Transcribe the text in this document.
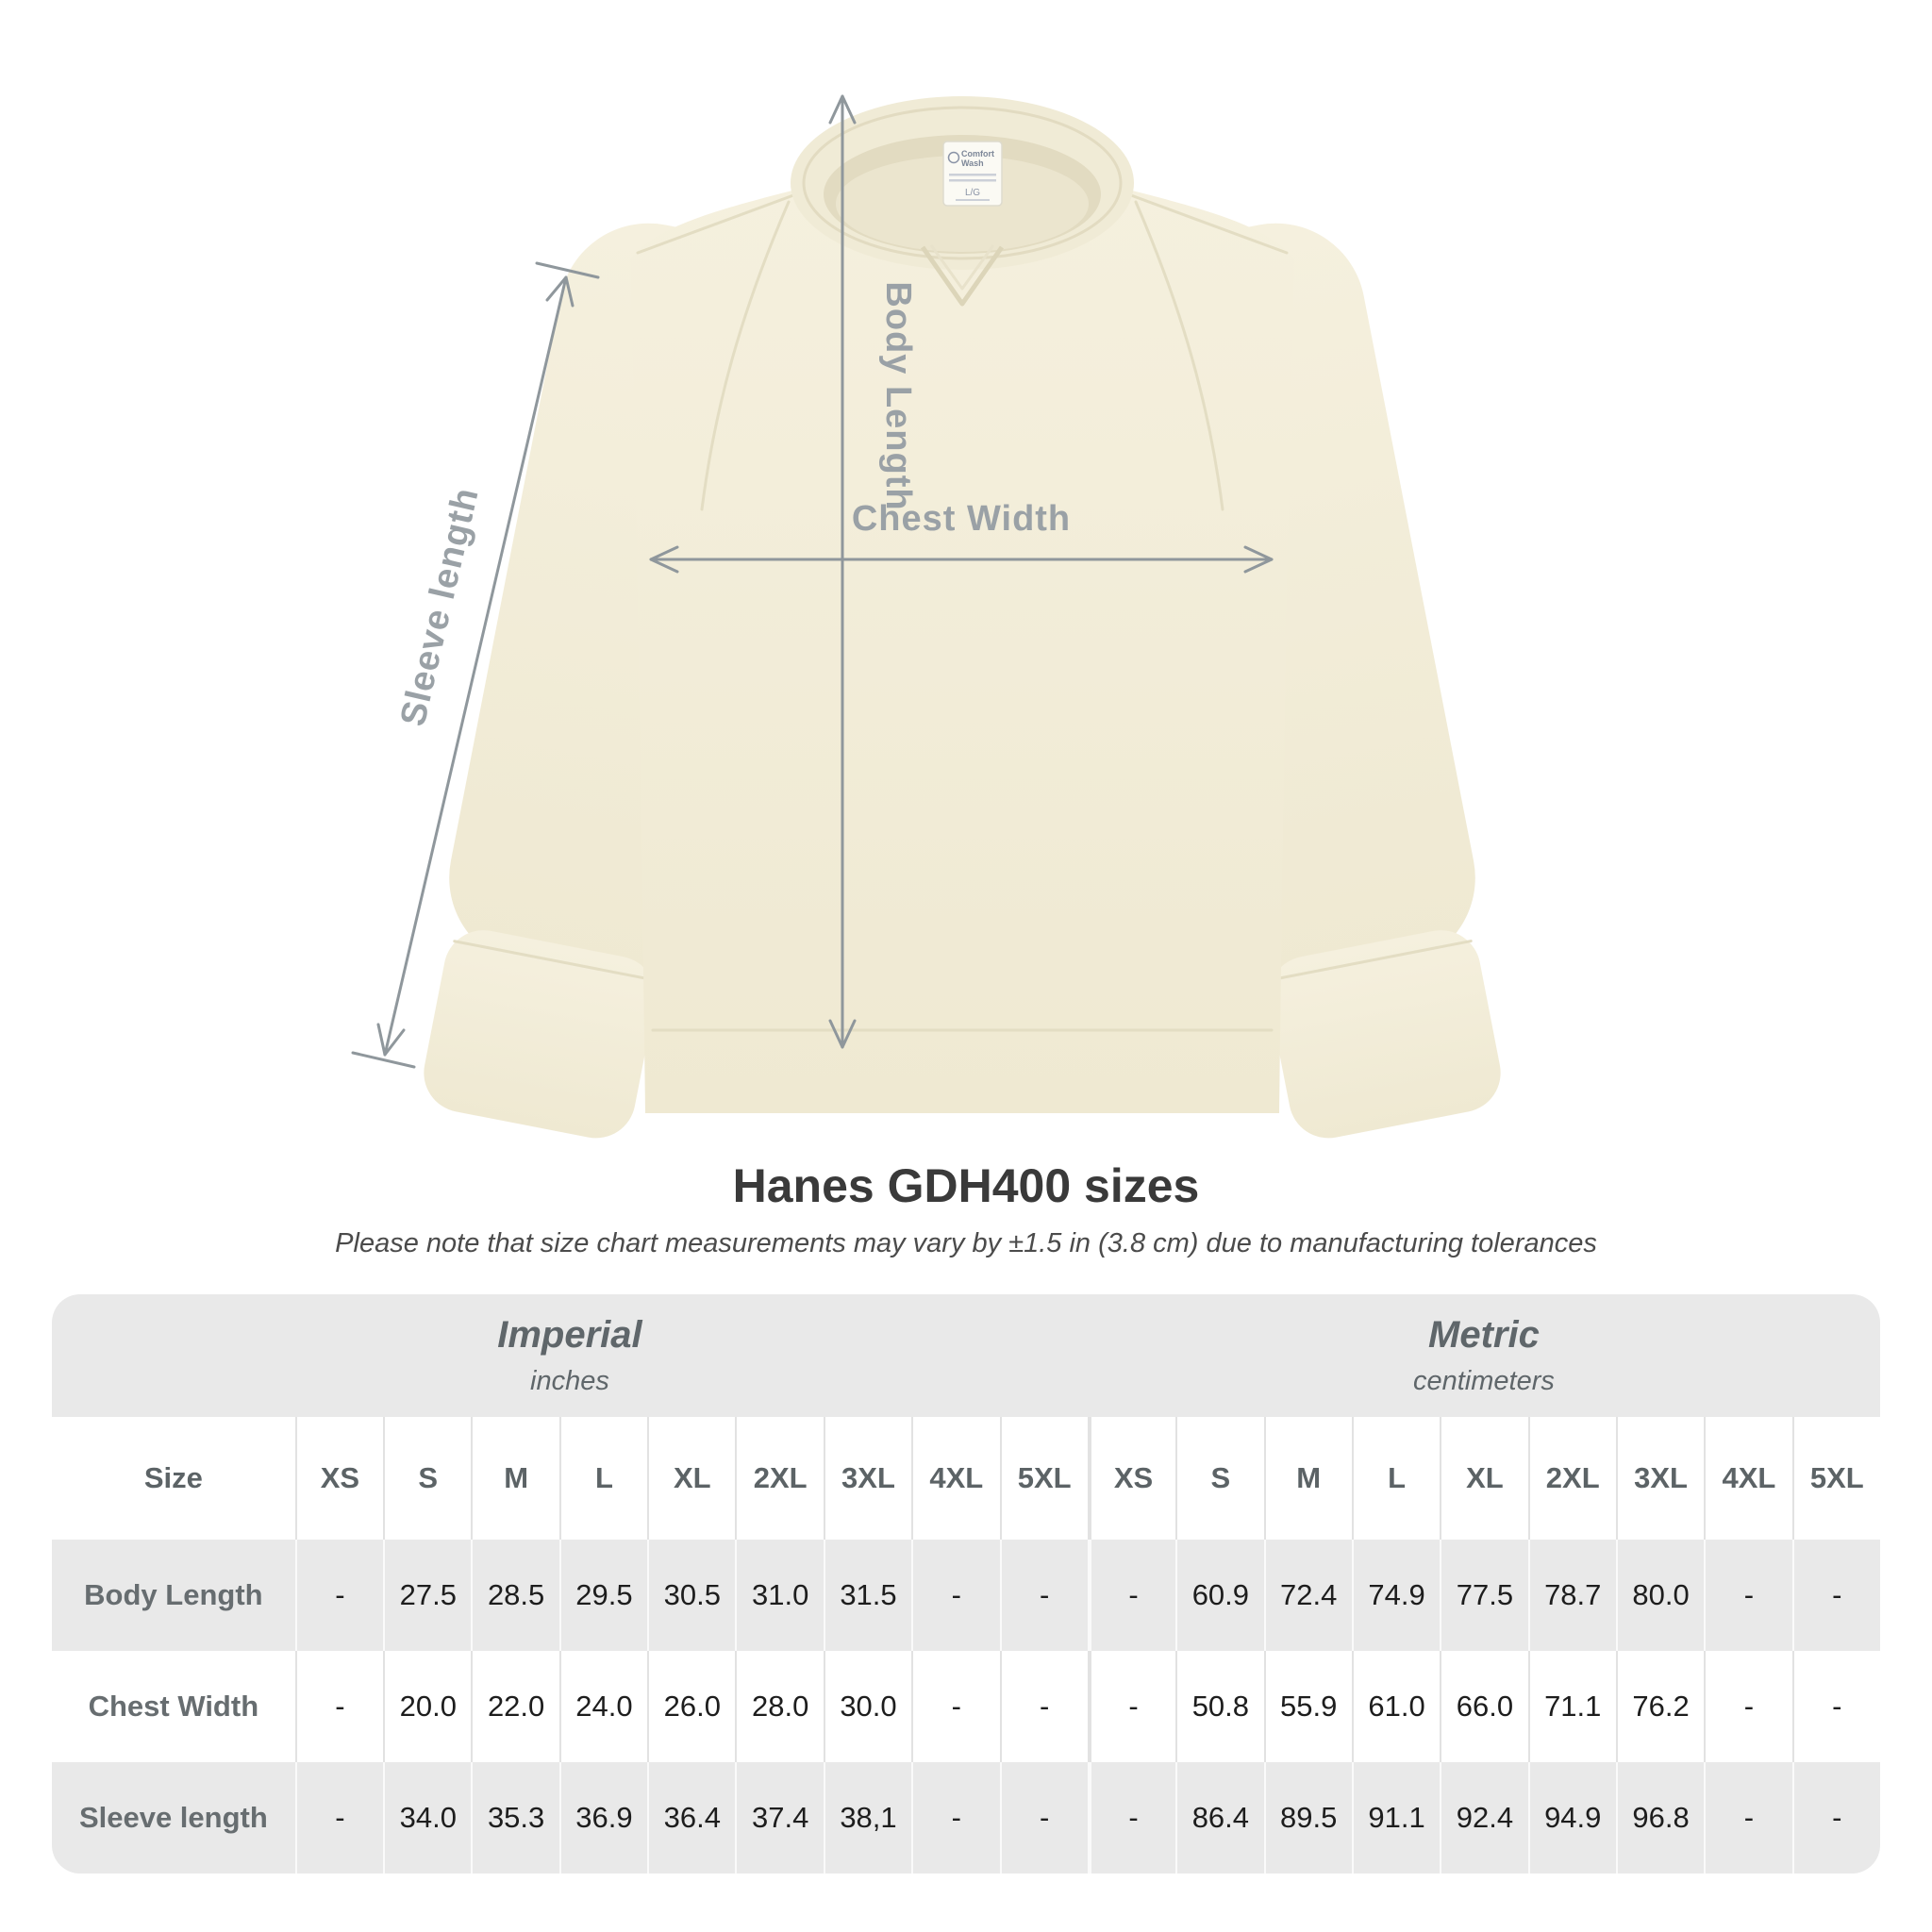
Comfort
Wash
L/G
Body Length
Chest Width
Sleeve length
Hanes GDH400 sizes

Please note that size chart measurements may vary by ±1.5 in (3.8 cm) due to manufacturing tolerances

Imperial
inches

Metric
centimeters

Size	XS	S	M	L	XL	2XL	3XL	4XL	5XL	XS	S	M	L	XL	2XL	3XL	4XL	5XL
Body Length	-	27.5	28.5	29.5	30.5	31.0	31.5	-	-	-	60.9	72.4	74.9	77.5	78.7	80.0	-	-
Chest Width	-	20.0	22.0	24.0	26.0	28.0	30.0	-	-	-	50.8	55.9	61.0	66.0	71.1	76.2	-	-
Sleeve length	-	34.0	35.3	36.9	36.4	37.4	38,1	-	-	-	86.4	89.5	91.1	92.4	94.9	96.8	-	-
